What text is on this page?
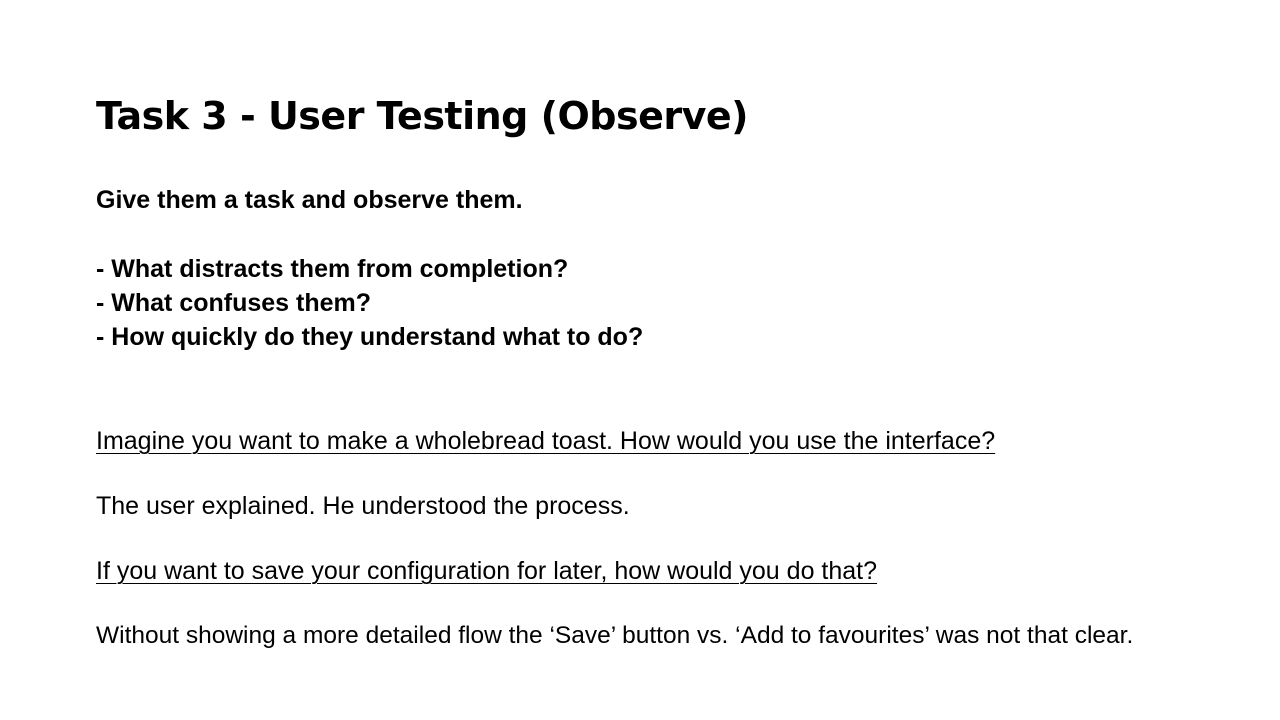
Task 3 - User Testing (Observe)

Give them a task and observe them.

- What distracts them from completion?
- What confuses them?
- How quickly do they understand what to do?

Imagine you want to make a wholebread toast. How would you use the interface?

The user explained. He understood the process.

If you want to save your configuration for later, how would you do that?

Without showing a more detailed flow the ‘Save’ button vs. ‘Add to favourites’ was not that clear.
